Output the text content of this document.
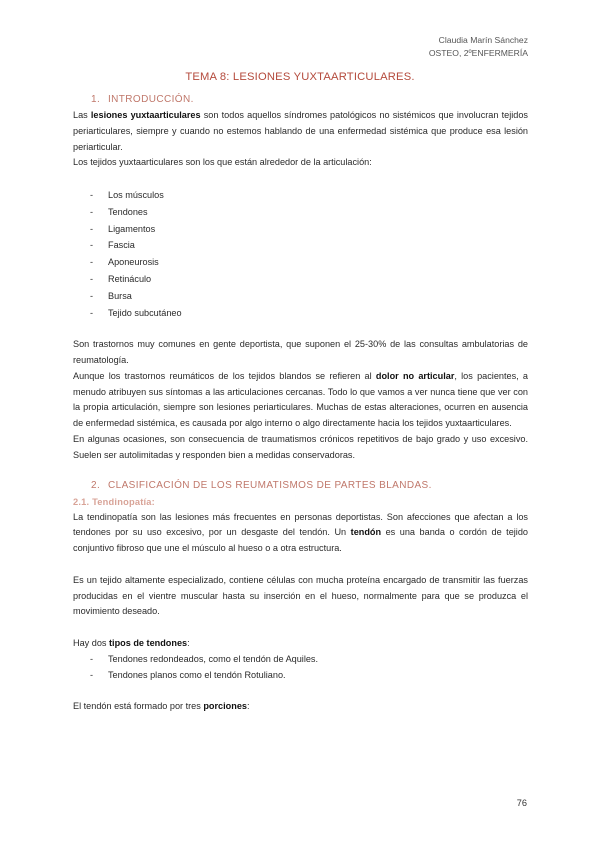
Claudia Marín Sánchez
OSTEO, 2ºENFERMERÍA
TEMA 8: LESIONES YUXTAARTICULARES.
1. INTRODUCCIÓN.

Las lesiones yuxtaarticulares son todos aquellos síndromes patológicos no sistémicos que involucran tejidos periarticulares, siempre y cuando no estemos hablando de una enfermedad sistémica que produce esa lesión periarticular.

Los tejidos yuxtaarticulares son los que están alrededor de la articulación:

- Los músculos
- Tendones
- Ligamentos
- Fascia
- Aponeurosis
- Retináculo
- Bursa
- Tejido subcutáneo

Son trastornos muy comunes en gente deportista, que suponen el 25-30% de las consultas ambulatorias de reumatología.

Aunque los trastornos reumáticos de los tejidos blandos se refieren al dolor no articular, los pacientes, a menudo atribuyen sus síntomas a las articulaciones cercanas. Todo lo que vamos a ver nunca tiene que ver con la propia articulación, siempre son lesiones periarticulares. Muchas de estas alteraciones, ocurren en ausencia de enfermedad sistémica, es causada por algo interno o algo directamente hacia los tejidos yuxtaarticulares.

En algunas ocasiones, son consecuencia de traumatismos crónicos repetitivos de bajo grado y uso excesivo. Suelen ser autolimitadas y responden bien a medidas conservadoras.

2. CLASIFICACIÓN DE LOS REUMATISMOS DE PARTES BLANDAS.
2.1. Tendinopatía:

La tendinopatía son las lesiones más frecuentes en personas deportistas. Son afecciones que afectan a los tendones por su uso excesivo, por un desgaste del tendón. Un tendón es una banda o cordón de tejido conjuntivo fibroso que une el músculo al hueso o a otra estructura.

Es un tejido altamente especializado, contiene células con mucha proteína encargado de transmitir las fuerzas producidas en el vientre muscular hasta su inserción en el hueso, normalmente para que se produzca el movimiento deseado.

Hay dos tipos de tendones:

- Tendones redondeados, como el tendón de Aquiles.
- Tendones planos como el tendón Rotuliano.

El tendón está formado por tres porciones:

76
